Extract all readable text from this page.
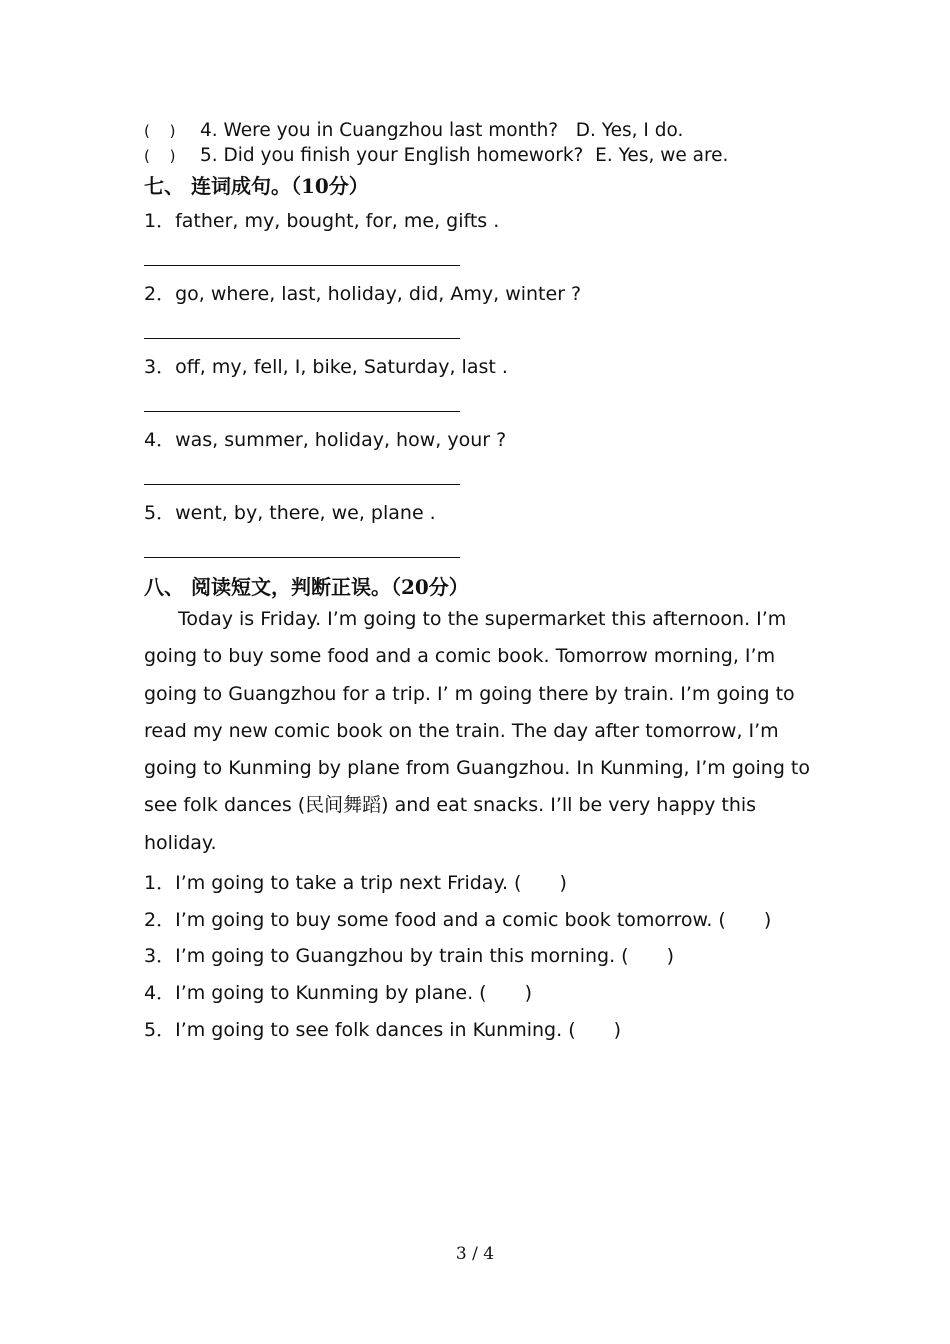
(　 ) 4. Were you in Cuangzhou last month? D. Yes, I do.
(　 ) 5. Did you finish your English homework? E. Yes, we are.
七、 连词成句。（10分）
1．father, my, bought, for, me, gifts .
2．go, where, last, holiday, did, Amy, winter ?
3．off, my, fell, I, bike, Saturday, last .
4．was, summer, holiday, how, your ?
5．went, by, there, we, plane .
八、 阅读短文，判断正误。（20分）
Today is Friday. I’m going to the supermarket this afternoon. I’m going to buy some food and a comic book. Tomorrow morning, I’m going to Guangzhou for a trip. I’ m going there by train. I’m going to read my new comic book on the train. The day after tomorrow, I’m going to Kunming by plane from Guangzhou. In Kunming, I’m going to see folk dances (民间舞蹈) and eat snacks. I’ll be very happy this holiday.
1．I’m going to take a trip next Friday. (　　)
2．I’m going to buy some food and a comic book tomorrow. (　　)
3．I’m going to Guangzhou by train this morning. (　　)
4．I’m going to Kunming by plane. (　　)
5．I’m going to see folk dances in Kunming. (　　)
3 / 4
